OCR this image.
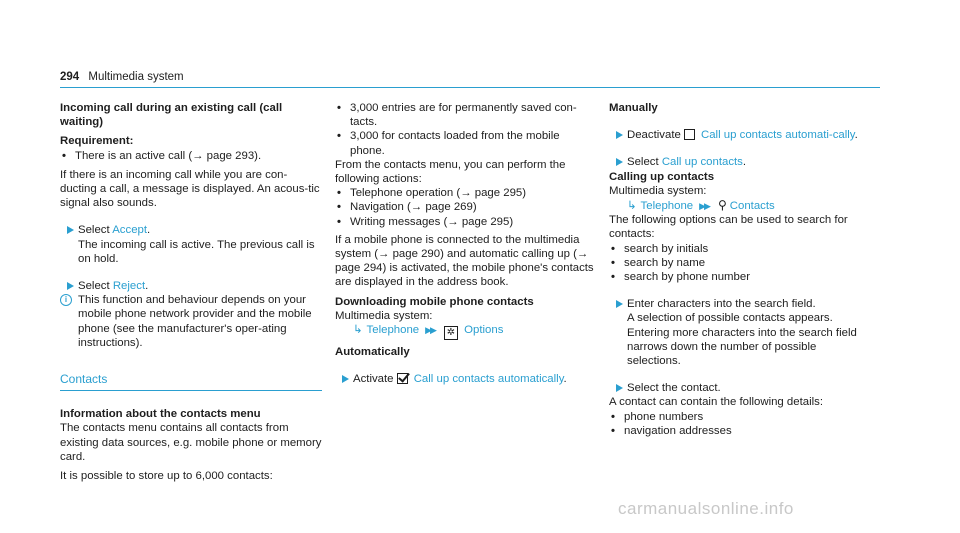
294 Multimedia system

Incoming call during an existing call (call waiting)

Requirement:

• There is an active call (→ page 293).

If there is an incoming call while you are con-ducting a call, a message is displayed. An acous-tic signal also sounds.

Select Accept.

The incoming call is active. The previous call is on hold.

Select Reject.
i This function and behaviour depends on your mobile phone network provider and the mobile phone (see the manufacturer's oper-ating instructions).
Contacts

Information about the contacts menu

The contacts menu contains all contacts from existing data sources, e.g. mobile phone or memory card.

It is possible to store up to 6,000 contacts:

• 3,000 entries are for permanently saved con-tacts.
• 3,000 for contacts loaded from the mobile phone.

From the contacts menu, you can perform the following actions:

• Telephone operation (→ page 295)
• Navigation (→ page 269)
• Writing messages (→ page 295)

If a mobile phone is connected to the multimedia system (→ page 290) and automatic calling up (→ page 294) is activated, the mobile phone's contacts are displayed in the address book.

Downloading mobile phone contacts

Multimedia system:

↳ Telephone ▶▶ ✲ Options

Automatically

Activate Call up contacts automatically.

Manually

Deactivate Call up contacts automati-cally.
Select Call up contacts.

Calling up contacts

Multimedia system:

↳ Telephone ▶▶ ⚲ Contacts

The following options can be used to search for contacts:

• search by initials
• search by name
• search by phone number
Enter characters into the search field.

A selection of possible contacts appears. Entering more characters into the search field narrows down the number of possible selections.

Select the contact.

A contact can contain the following details:

• phone numbers
• navigation addresses
carmanualsonline.info
